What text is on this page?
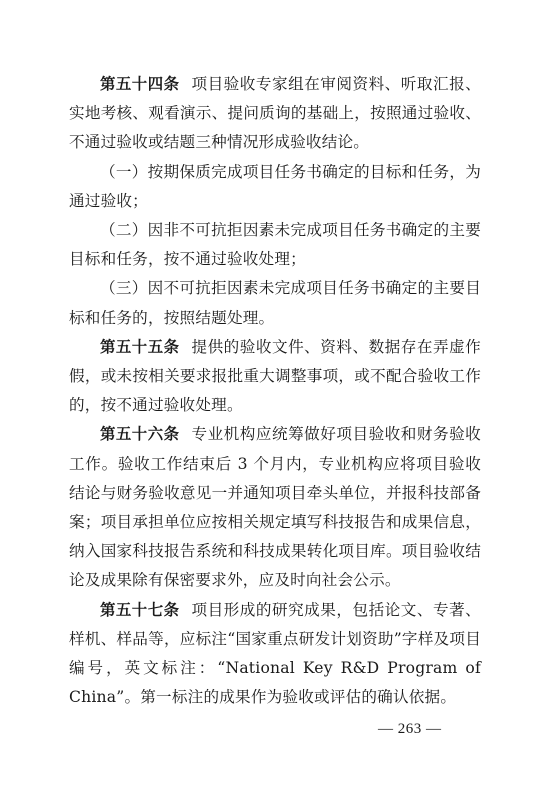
第五十四条 项目验收专家组在审阅资料、听取汇报、实地考核、观看演示、提问质询的基础上，按照通过验收、不通过验收或结题三种情况形成验收结论。

（一）按期保质完成项目任务书确定的目标和任务，为通过验收；

（二）因非不可抗拒因素未完成项目任务书确定的主要目标和任务，按不通过验收处理；

（三）因不可抗拒因素未完成项目任务书确定的主要目标和任务的，按照结题处理。

第五十五条 提供的验收文件、资料、数据存在弄虚作假，或未按相关要求报批重大调整事项，或不配合验收工作的，按不通过验收处理。

第五十六条 专业机构应统筹做好项目验收和财务验收工作。验收工作结束后 3 个月内，专业机构应将项目验收结论与财务验收意见一并通知项目牵头单位，并报科技部备案；项目承担单位应按相关规定填写科技报告和成果信息，纳入国家科技报告系统和科技成果转化项目库。项目验收结论及成果除有保密要求外，应及时向社会公示。

第五十七条 项目形成的研究成果，包括论文、专著、样机、样品等，应标注“国家重点研发计划资助”字样及项目编号，英文标注：“National Key R&D Program of China”。第一标注的成果作为验收或评估的确认依据。

— 263 —
